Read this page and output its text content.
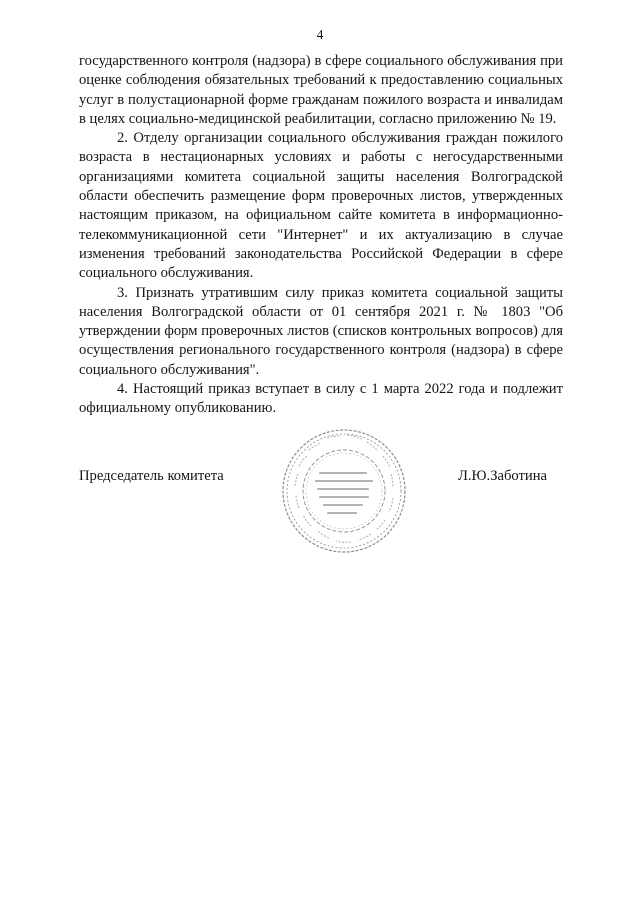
4

государственного контроля (надзора) в сфере социального обслуживания при оценке соблюдения обязательных требований к предоставлению социальных услуг в полустационарной форме гражданам пожилого возраста и инвалидам в целях социально-медицинской реабилитации, согласно приложению № 19.

2. Отделу организации социального обслуживания граждан пожилого возраста в нестационарных условиях и работы с негосударственными организациями комитета социальной защиты населения Волгоградской области обеспечить размещение форм проверочных листов, утвержденных настоящим приказом, на официальном сайте комитета в информационно-телекоммуникационной сети "Интернет" и их актуализацию в случае изменения требований законодательства Российской Федерации в сфере социального обслуживания.

3. Признать утратившим силу приказ комитета социальной защиты населения Волгоградской области от 01 сентября 2021 г. № 1803 "Об утверждении форм проверочных листов (списков контрольных вопросов) для осуществления регионального государственного контроля (надзора) в сфере социального обслуживания".

4. Настоящий приказ вступает в силу с 1 марта 2022 года и подлежит официальному опубликованию.

Председатель комитета	Л.Ю.Заботина
